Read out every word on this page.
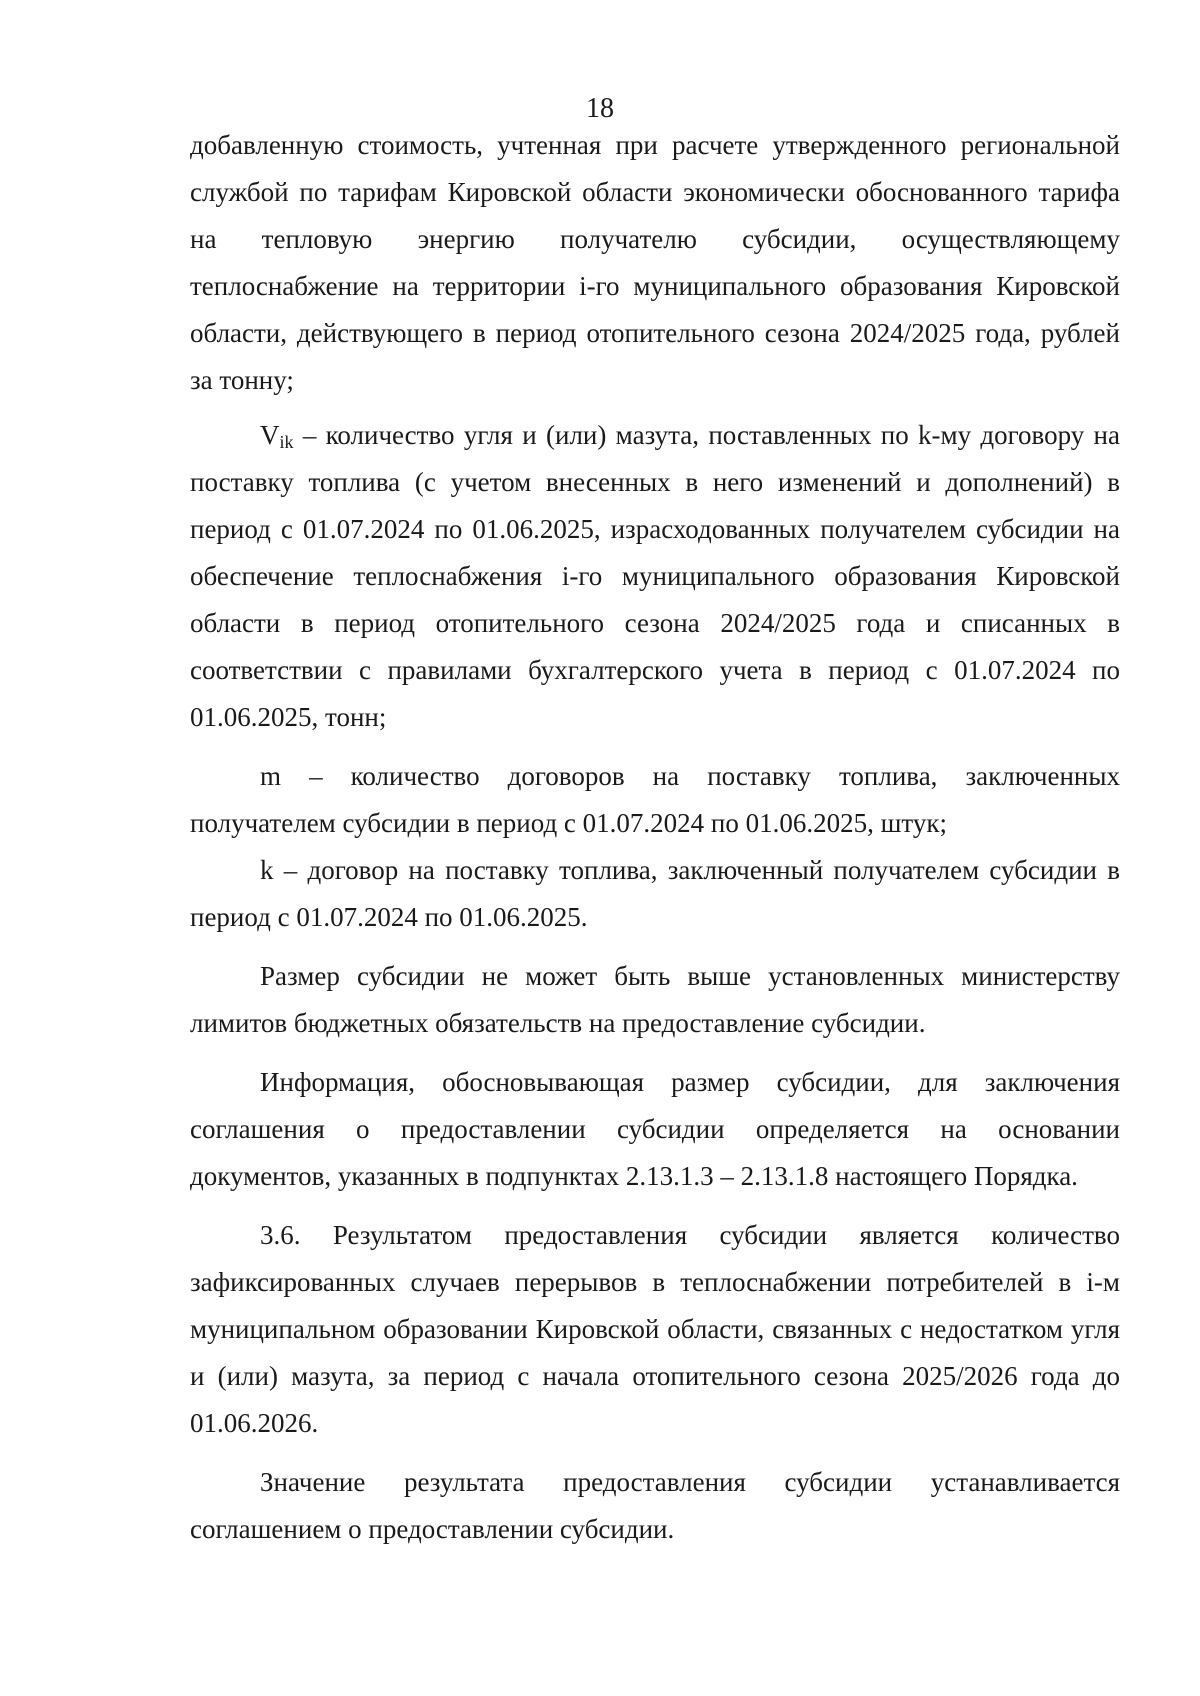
18

добавленную стоимость, учтенная при расчете утвержденного региональной службой по тарифам Кировской области экономически обоснованного тарифа на тепловую энергию получателю субсидии, осуществляющему теплоснабжение на территории i-го муниципального образования Кировской области, действующего в период отопительного сезона 2024/2025 года, рублей за тонну;

$V_{ik}$ – количество угля и (или) мазута, поставленных по k-му договору на поставку топлива (с учетом внесенных в него изменений и дополнений) в период с 01.07.2024 по 01.06.2025, израсходованных получателем субсидии на обеспечение теплоснабжения i-го муниципального образования Кировской области в период отопительного сезона 2024/2025 года и списанных в соответствии с правилами бухгалтерского учета в период с 01.07.2024 по 01.06.2025, тонн;

m – количество договоров на поставку топлива, заключенных получателем субсидии в период с 01.07.2024 по 01.06.2025, штук;

k – договор на поставку топлива, заключенный получателем субсидии в период с 01.07.2024 по 01.06.2025.

Размер субсидии не может быть выше установленных министерству лимитов бюджетных обязательств на предоставление субсидии.

Информация, обосновывающая размер субсидии, для заключения соглашения о предоставлении субсидии определяется на основании документов, указанных в подпунктах 2.13.1.3 – 2.13.1.8 настоящего Порядка.

3.6. Результатом предоставления субсидии является количество зафиксированных случаев перерывов в теплоснабжении потребителей в i-м муниципальном образовании Кировской области, связанных с недостатком угля и (или) мазута, за период с начала отопительного сезона 2025/2026 года до 01.06.2026.

Значение результата предоставления субсидии устанавливается соглашением о предоставлении субсидии.
